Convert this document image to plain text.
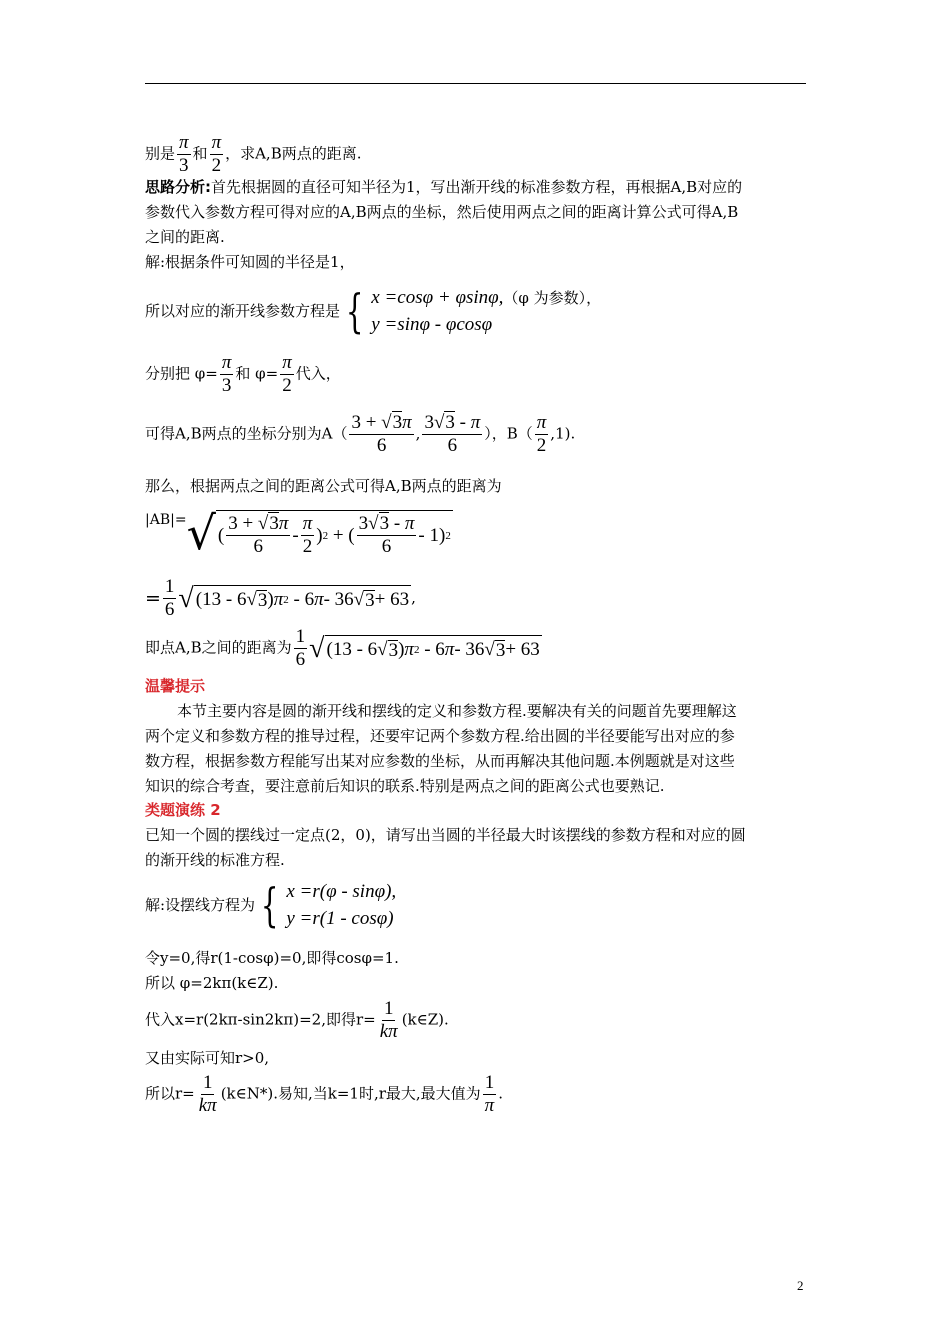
别是 $\frac{\pi}{3}$ 和 $\frac{\pi}{2}$ ，求A,B两点的距离.
思路分析:首先根据圆的直径可知半径为1，写出渐开线的标准参数方程，再根据A,B对应的
参数代入参数方程可得对应的A,B两点的坐标，然后使用两点之间的距离计算公式可得A,B
之间的距离.
解:根据条件可知圆的半径是1，
所以对应的渐开线参数方程是 { x =cosφ + φsinφ,
y =sinφ - φcosφ
（φ 为参数），
分别把 $\varphi= \frac{\pi}{3}$ 和 $\varphi= \frac{\pi}{2}$ 代入，
可得A,B两点的坐标分别为$A( \frac{3 + √3\pi}{6}$ , $\frac{3√3 - \pi}{6}$ ），$B( \frac{\pi}{2} ,1)$.
那么，根据两点之间的距离公式可得A,B两点的距离为
|AB|= √ ( $\frac{3 + √3\pi}{6} - \frac{\pi}{2}$ ) 2 + ( $\frac{3√3 - \pi}{6} - 1$) 2
= $\frac{1}{6}$ √ (13 - 6√ 3 ) π 2 - 6 π - 36√ 3 + 63 ,
即点A,B之间的距离为 $\frac{1}{6}$ √ (13 - 6√ 3 ) π 2 - 6 π - 36√ 3 + 63
温馨提示
本节主要内容是圆的渐开线和摆线的定义和参数方程.要解决有关的问题首先要理解这
两个定义和参数方程的推导过程，还要牢记两个参数方程.给出圆的半径要能写出对应的参
数方程，根据参数方程能写出某对应参数的坐标，从而再解决其他问题.本例题就是对这些
知识的综合考查，要注意前后知识的联系.特别是两点之间的距离公式也要熟记.
类题演练 2
已知一个圆的摆线过一定点(2，0)，请写出当圆的半径最大时该摆线的参数方程和对应的圆
的渐开线的标准方程.
解:设摆线方程为 { x =r(φ - sinφ),
y =r(1 - cosφ)
令y=0,得r(1-cosφ)=0,即得cosφ=1.
所以 φ=2kπ(k∈Z).
代入x=r(2kπ-sin2kπ)=2,即得$r= \frac{1}{k\pi}$ (k∈Z).
又由实际可知r>0,
所以$r= \frac{1}{k\pi}$ (k∈N*).易知,当k=1时,r最大,最大值为 $\frac{1}{\pi}$ .
2
